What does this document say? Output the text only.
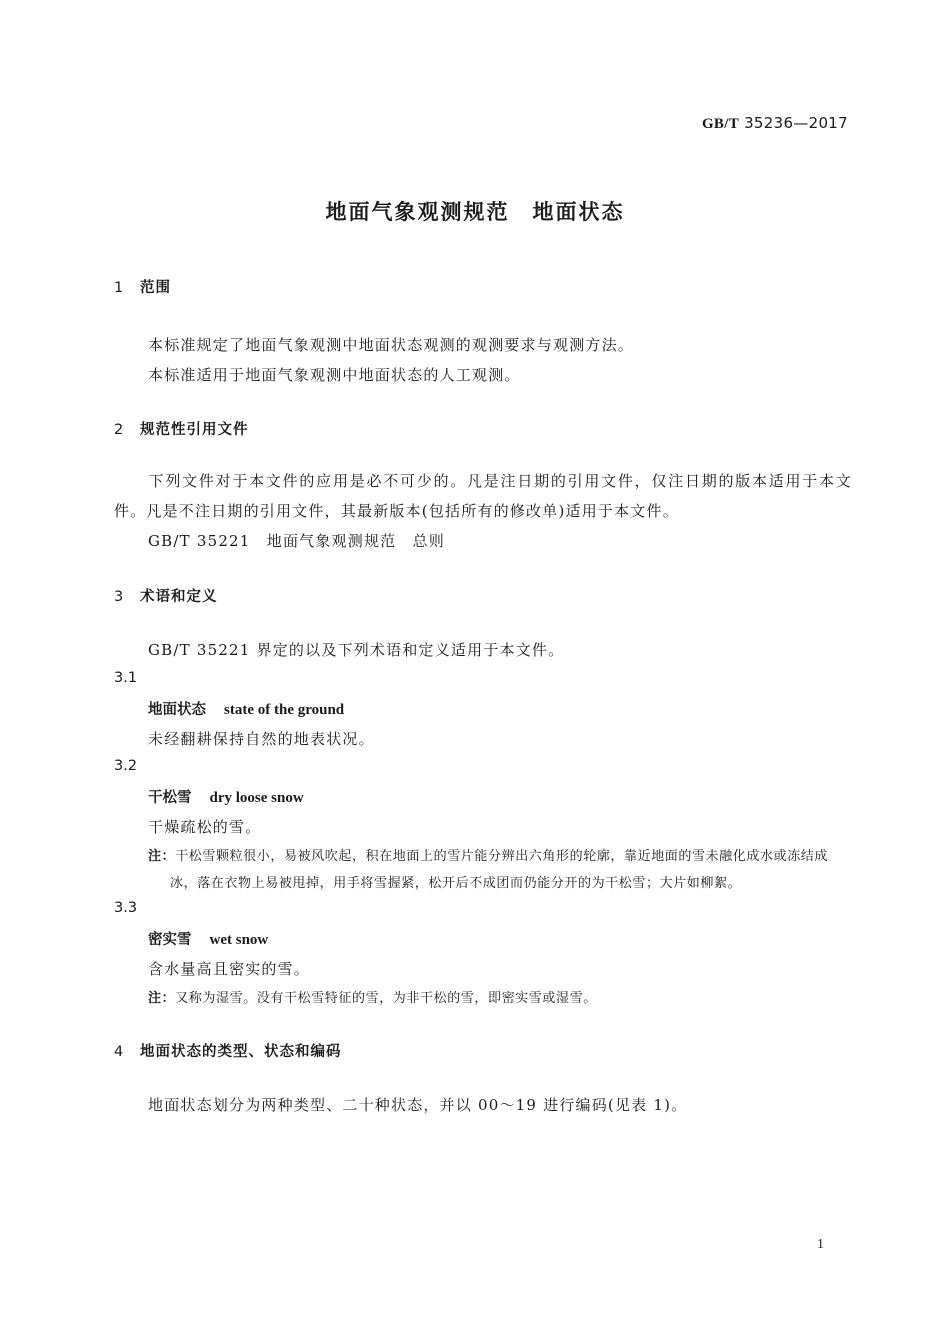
GB/T 35236—2017
地面气象观测规范　地面状态
1 范围
本标准规定了地面气象观测中地面状态观测的观测要求与观测方法。
本标准适用于地面气象观测中地面状态的人工观测。
2 规范性引用文件
下列文件对于本文件的应用是必不可少的。凡是注日期的引用文件，仅注日期的版本适用于本文件。凡是不注日期的引用文件，其最新版本(包括所有的修改单)适用于本文件。
GB/T 35221　地面气象观测规范　总则
3 术语和定义
GB/T 35221 界定的以及下列术语和定义适用于本文件。
3.1
地面状态 state of the ground
未经翻耕保持自然的地表状况。
3.2
干松雪 dry loose snow
干燥疏松的雪。
注：干松雪颗粒很小，易被风吹起，积在地面上的雪片能分辨出六角形的轮廓，靠近地面的雪未融化成水或冻结成
冰，落在衣物上易被甩掉，用手将雪握紧，松开后不成团而仍能分开的为干松雪；大片如柳絮。
3.3
密实雪 wet snow
含水量高且密实的雪。
注：又称为湿雪。没有干松雪特征的雪，为非干松的雪，即密实雪或湿雪。
4 地面状态的类型、状态和编码
地面状态划分为两种类型、二十种状态，并以 00～19 进行编码(见表 1)。
1
